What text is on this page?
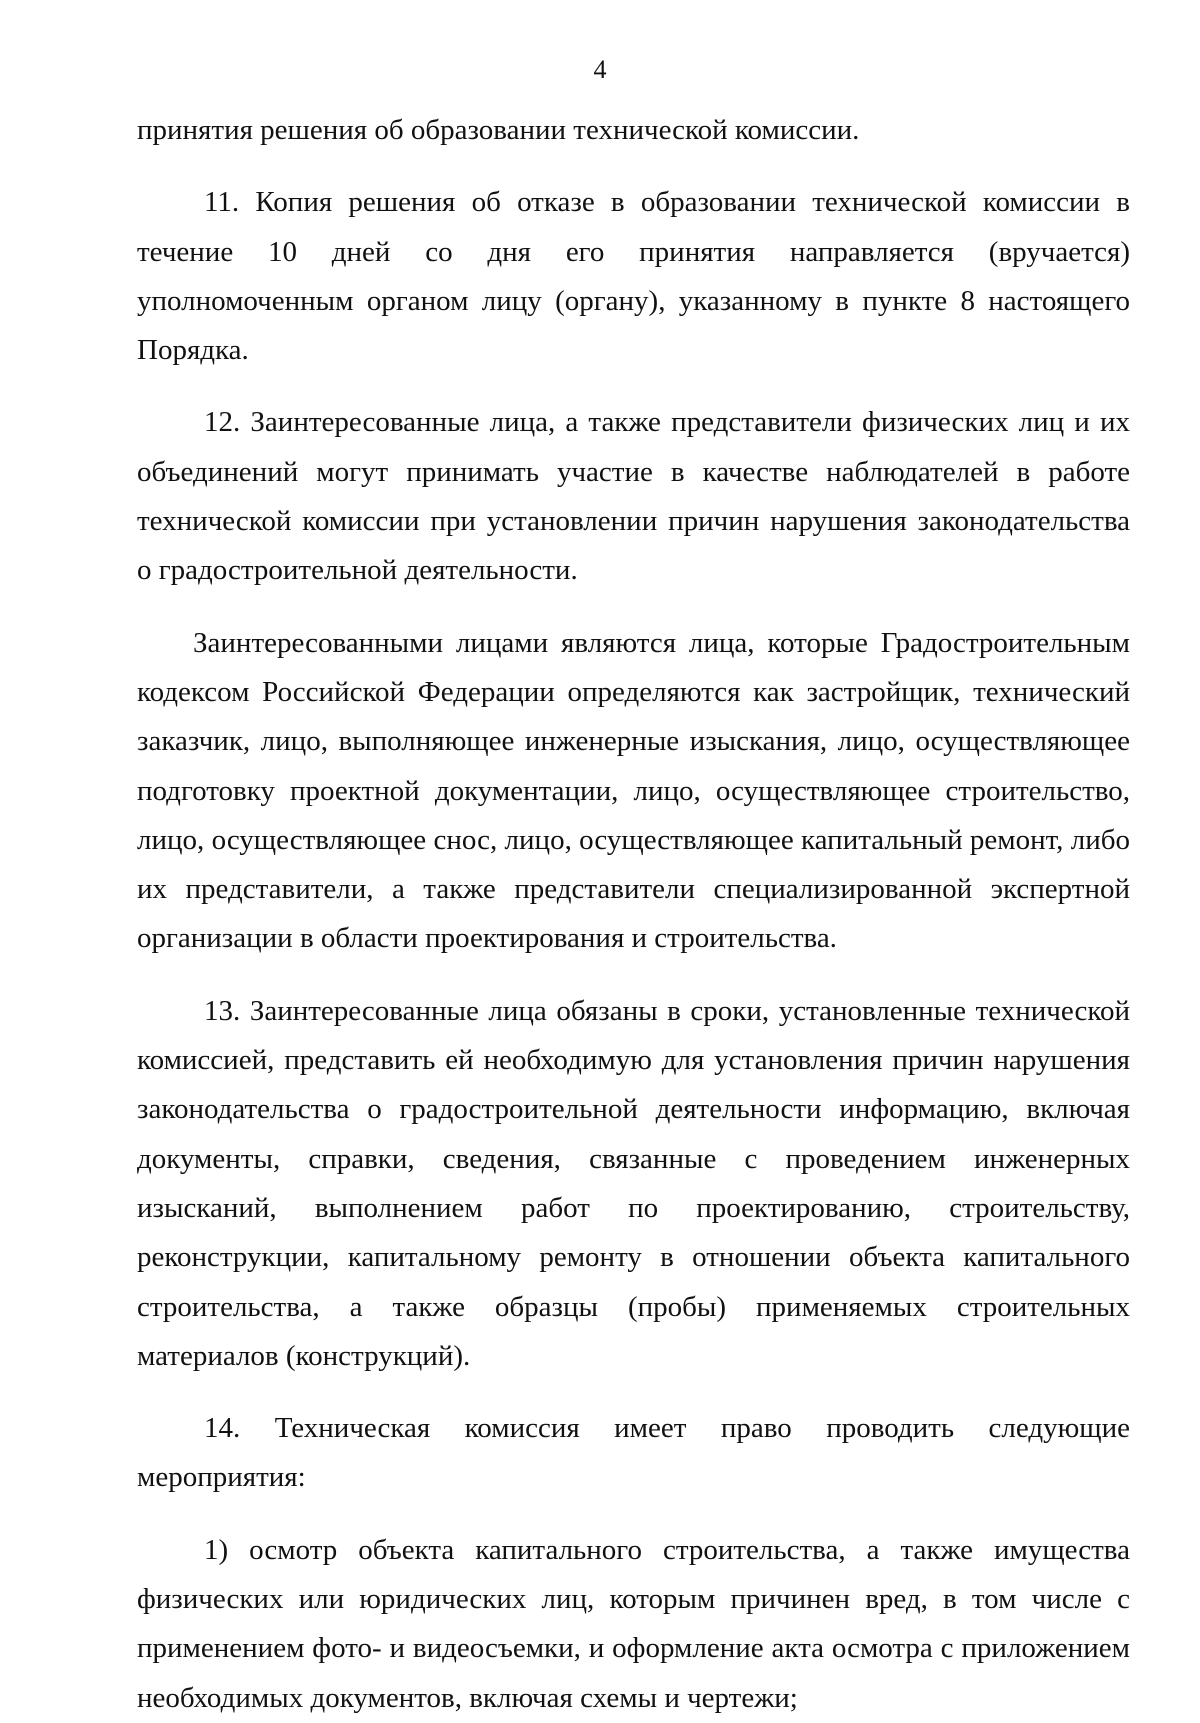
4

принятия решения об образовании технической комиссии.

11. Копия решения об отказе в образовании технической комиссии в течение 10 дней со дня его принятия направляется (вручается) уполномоченным органом лицу (органу), указанному в пункте 8 настоящего Порядка.

12. Заинтересованные лица, а также представители физических лиц и их объединений могут принимать участие в качестве наблюдателей в работе технической комиссии при установлении причин нарушения законодательства о градостроительной деятельности.

Заинтересованными лицами являются лица, которые Градостроительным кодексом Российской Федерации определяются как застройщик, технический заказчик, лицо, выполняющее инженерные изыскания, лицо, осуществляющее подготовку проектной документации, лицо, осуществляющее строительство, лицо, осуществляющее снос, лицо, осуществляющее капитальный ремонт, либо их представители, а также представители специализированной экспертной организации в области проектирования и строительства.

13. Заинтересованные лица обязаны в сроки, установленные технической комиссией, представить ей необходимую для установления причин нарушения законодательства о градостроительной деятельности информацию, включая документы, справки, сведения, связанные с проведением инженерных изысканий, выполнением работ по проектированию, строительству, реконструкции, капитальному ремонту в отношении объекта капитального строительства, а также образцы (пробы) применяемых строительных материалов (конструкций).

14. Техническая комиссия имеет право проводить следующие мероприятия:

1) осмотр объекта капитального строительства, а также имущества физических или юридических лиц, которым причинен вред, в том числе с применением фото- и видеосъемки, и оформление акта осмотра с приложением необходимых документов, включая схемы и чертежи;
